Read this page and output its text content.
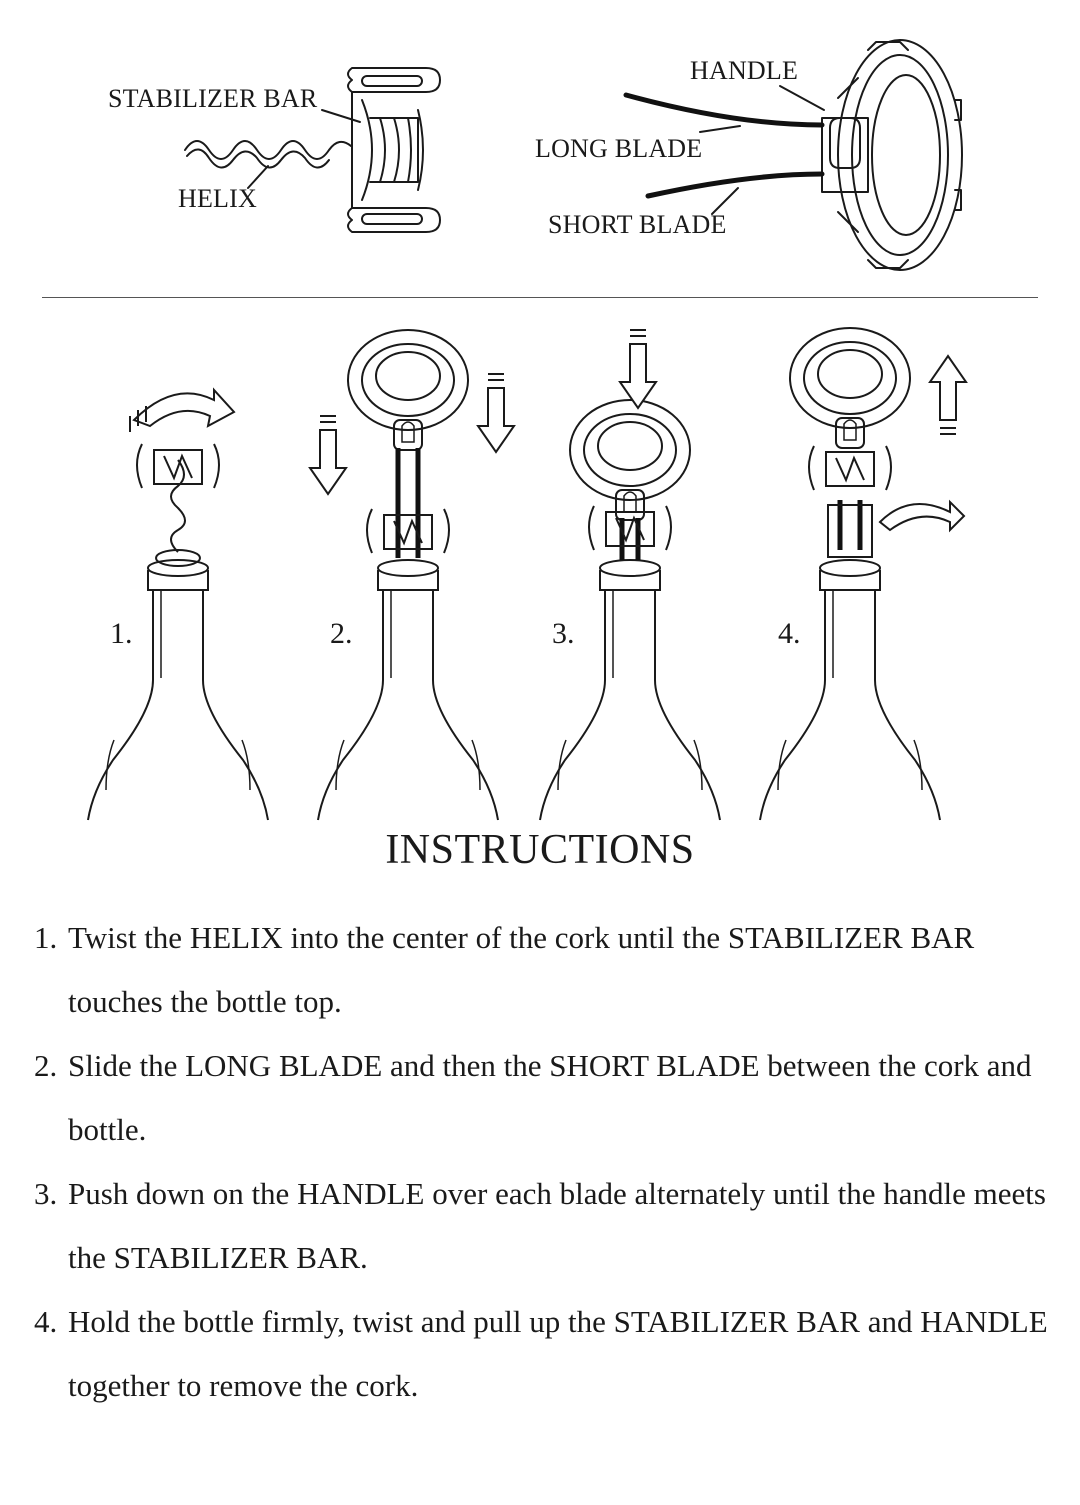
STABILIZER BAR
HELIX
HANDLE
LONG BLADE
SHORT BLADE
1.	2.	3.	4.
INSTRUCTIONS
1. Twist the HELIX into the center of the cork until the STABILIZER BAR touches the bottle top.
2. Slide the LONG BLADE and then the SHORT BLADE between the cork and bottle.
3. Push down on the HANDLE over each blade alternately until the handle meets the STABILIZER BAR.
4. Hold the bottle firmly, twist and pull up the STABILIZER BAR and HANDLE together to remove the cork.
